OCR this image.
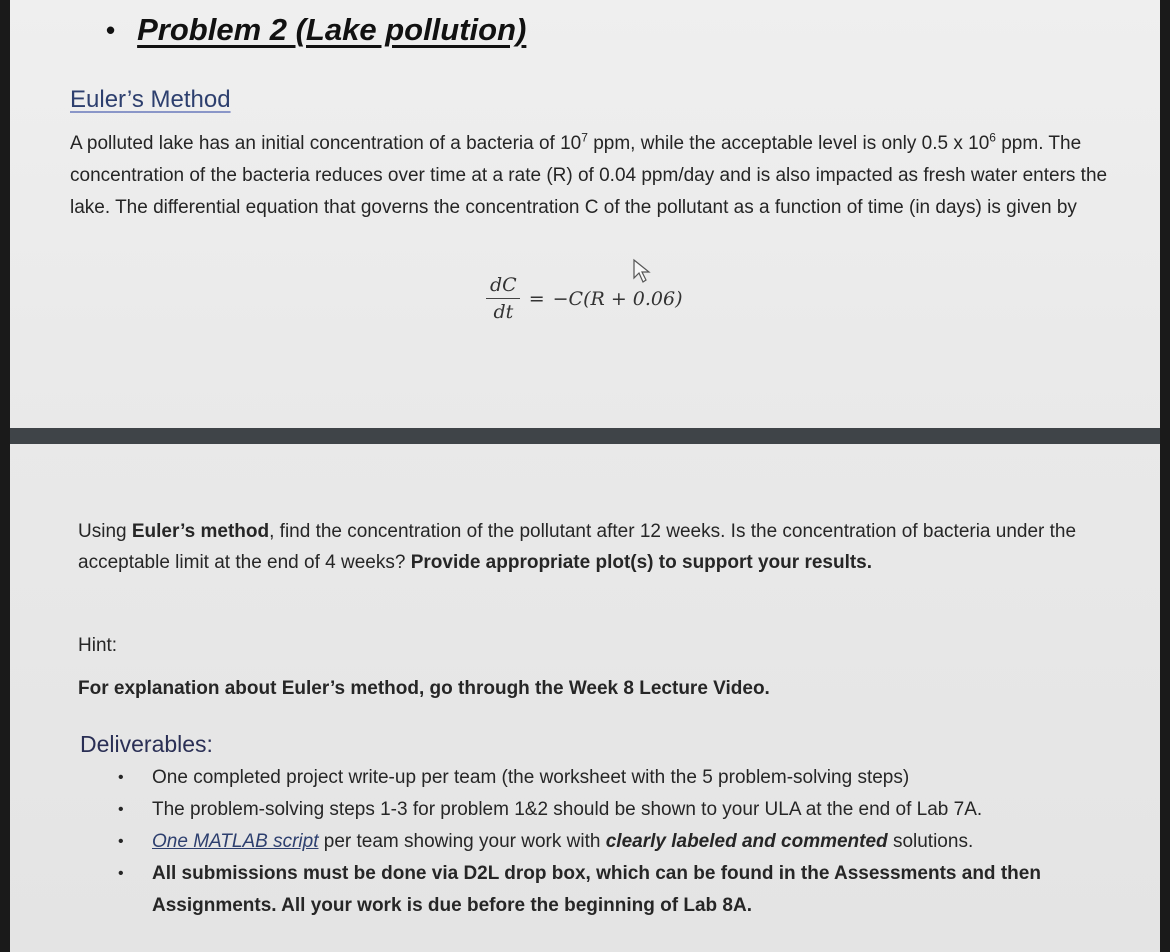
• Problem 2 (Lake pollution)
Euler’s Method
A polluted lake has an initial concentration of a bacteria of $10^7$ ppm, while the acceptable level is only 0.5 x $10^6$ ppm. The concentration of the bacteria reduces over time at a rate (R) of 0.04 ppm/day and is also impacted as fresh water enters the lake. The differential equation that governs the concentration C of the pollutant as a function of time (in days) is given by
$\frac{dC}{dt} = -C(R + 0.06)$
Using Euler’s method, find the concentration of the pollutant after 12 weeks. Is the concentration of bacteria under the acceptable limit at the end of 4 weeks? Provide appropriate plot(s) to support your results.
Hint:
For explanation about Euler’s method, go through the Week 8 Lecture Video.
Deliverables:
• One completed project write-up per team (the worksheet with the 5 problem-solving steps)
• The problem-solving steps 1-3 for problem 1&2 should be shown to your ULA at the end of Lab 7A.
• One MATLAB script per team showing your work with clearly labeled and commented solutions.
• All submissions must be done via D2L drop box, which can be found in the Assessments and then Assignments. All your work is due before the beginning of Lab 8A.
